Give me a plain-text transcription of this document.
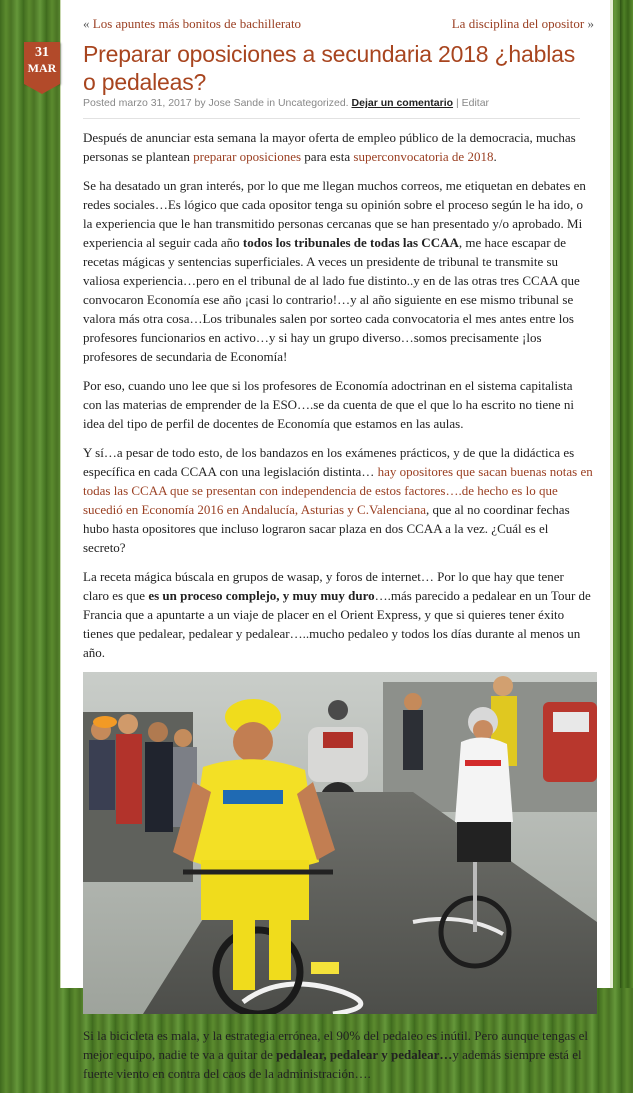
« Los apuntes más bonitos de bachillerato	La disciplina del opositor »
31
MAR
Preparar oposiciones a secundaria 2018 ¿hablas o pedaleas?
Posted marzo 31, 2017 by Jose Sande in Uncategorized. Dejar un comentario | Editar

Después de anunciar esta semana la mayor oferta de empleo público de la democracia, muchas personas se plantean preparar oposiciones para esta superconvocatoria de 2018.

Se ha desatado un gran interés, por lo que me llegan muchos correos, me etiquetan en debates en redes sociales…Es lógico que cada opositor tenga su opinión sobre el proceso según le ha ido, o la experiencia que le han transmitido personas cercanas que se han presentado y/o aprobado. Mi experiencia al seguir cada año todos los tribunales de todas las CCAA, me hace escapar de recetas mágicas y sentencias superficiales. A veces un presidente de tribunal te transmite su valiosa experiencia…pero en el tribunal de al lado fue distinto..y en de las otras tres CCAA que convocaron Economía ese año ¡casi lo contrario!…y al año siguiente en ese mismo tribunal se valora más otra cosa…Los tribunales salen por sorteo cada convocatoria el mes antes entre los profesores funcionarios en activo…y si hay un grupo diverso…somos precisamente ¡los profesores de secundaria de Economía!

Por eso, cuando uno lee que si los profesores de Economía adoctrinan en el sistema capitalista con las materias de emprender de la ESO….se da cuenta de que el que lo ha escrito no tiene ni idea del tipo de perfil de docentes de Economía que estamos en las aulas.

Y sí…a pesar de todo esto, de los bandazos en los exámenes prácticos, y de que la didáctica es específica en cada CCAA con una legislación distinta… hay opositores que sacan buenas notas en todas las CCAA que se presentan con independencia de estos factores….de hecho es lo que sucedió en Economía 2016 en Andalucía, Asturias y C.Valenciana, que al no coordinar fechas hubo hasta opositores que incluso lograron sacar plaza en dos CCAA a la vez. ¿Cuál es el secreto?

La receta mágica búscala en grupos de wasap, y foros de internet… Por lo que hay que tener claro es que es un proceso complejo, y muy muy duro….más parecido a pedalear en un Tour de Francia que a apuntarte a un viaje de placer en el Orient Express, y que si quieres tener éxito tienes que pedalear, pedalear y pedalear…..mucho pedaleo y todos los días durante al menos un año.

Si la bicicleta es mala, y la estrategia errónea, el 90% del pedaleo es inútil. Pero aunque tengas el mejor equipo, nadie te va a quitar de pedalear, pedalear y pedalear…y además siempre está el fuerte viento en contra del caos de la administración….
